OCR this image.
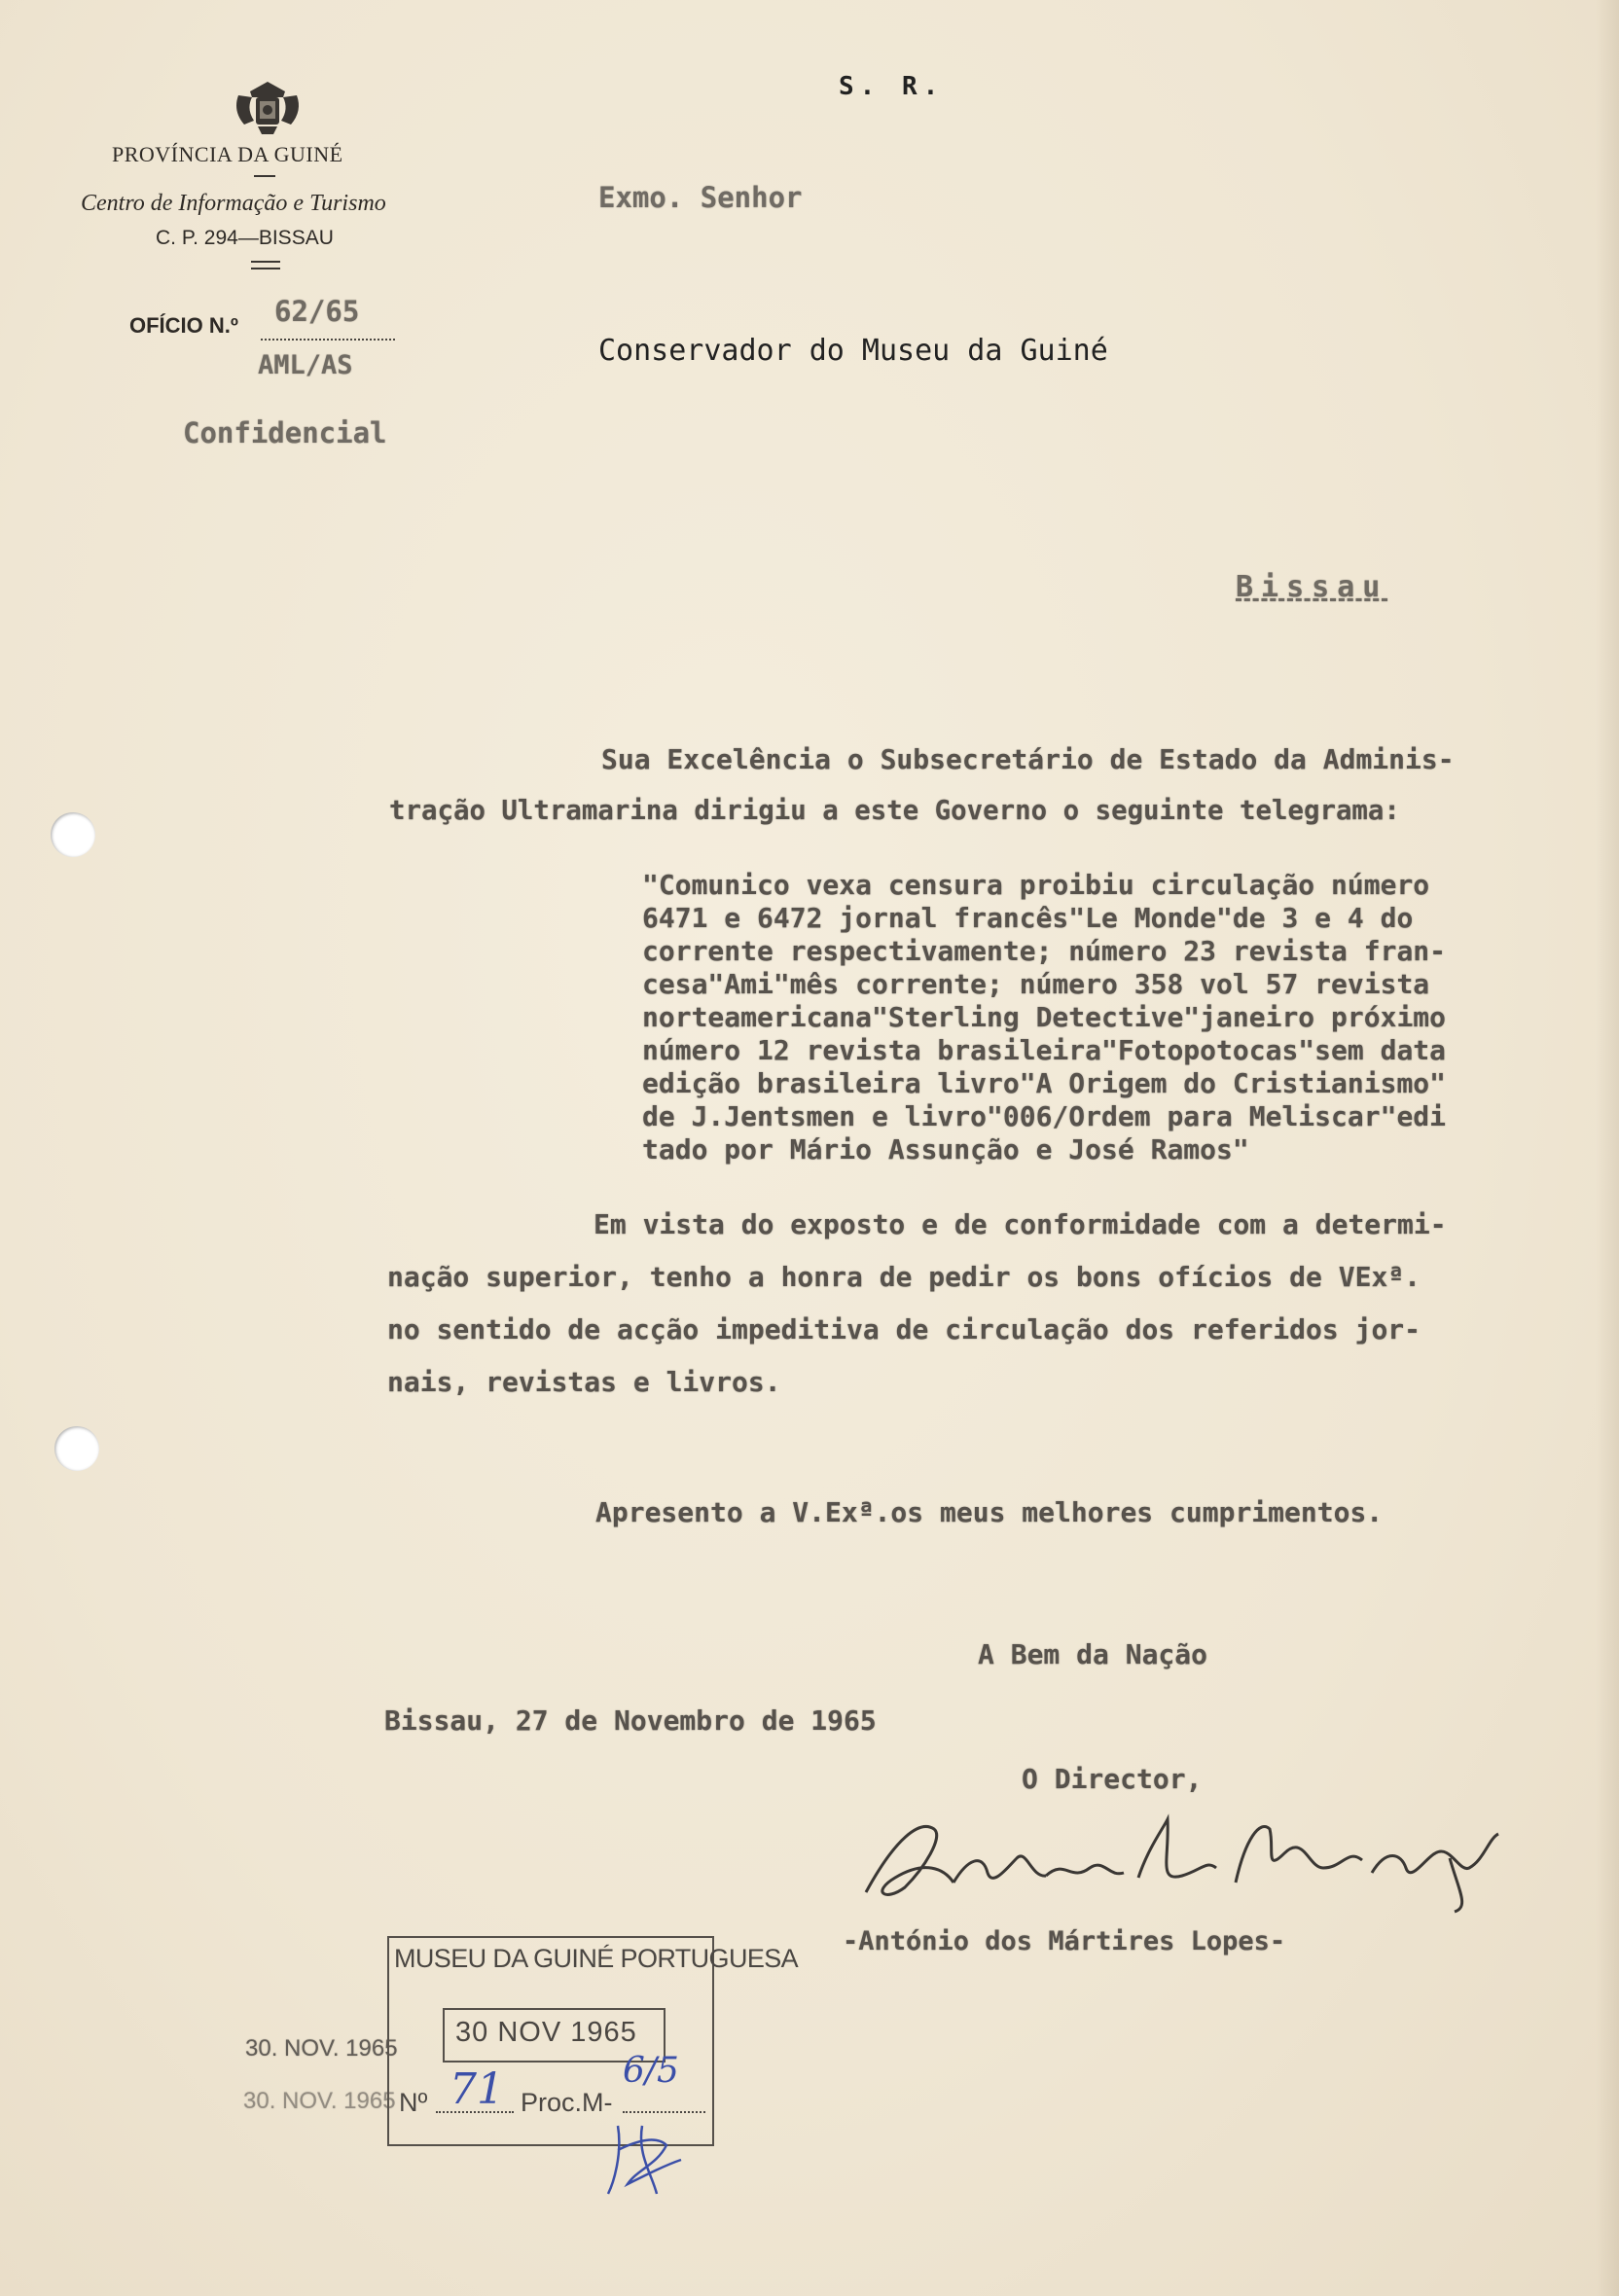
S. R.
PROVÍNCIA DA GUINÉ
Centro de Informação e Turismo
C. P. 294—BISSAU
OFÍCIO N.º 62/65
AML/AS
Confidencial
Exmo. Senhor
Conservador do Museu da Guiné
Bissau
Sua Excelência o Subsecretário de Estado da Adminis-
tração Ultramarina dirigiu a este Governo o seguinte telegrama:
"Comunico vexa censura proibiu circulação número
6471 e 6472 jornal francês"Le Monde"de 3 e 4 do
corrente respectivamente; número 23 revista fran-
cesa"Ami"mês corrente; número 358 vol 57 revista
norteamericana"Sterling Detective"janeiro próximo
número 12 revista brasileira"Fotopotocas"sem data
edição brasileira livro"A Origem do Cristianismo"
de J.Jentsmen e livro"006/Ordem para Meliscar"edi
tado por Mário Assunção e José Ramos"
Em vista do exposto e de conformidade com a determi-
nação superior, tenho a honra de pedir os bons ofícios de VExª.
no sentido de acção impeditiva de circulação dos referidos jor-
nais, revistas e livros.
Apresento a V.Exª.os meus melhores cumprimentos.
A Bem da Nação
Bissau, 27 de Novembro de 1965
O Director,
-António dos Mártires Lopes-
30. NOV. 1965
30. NOV. 1965
MUSEU DA GUINÉ PORTUGUESA
30 NOV 1965
Nº 71 Proc.M-
6/5
